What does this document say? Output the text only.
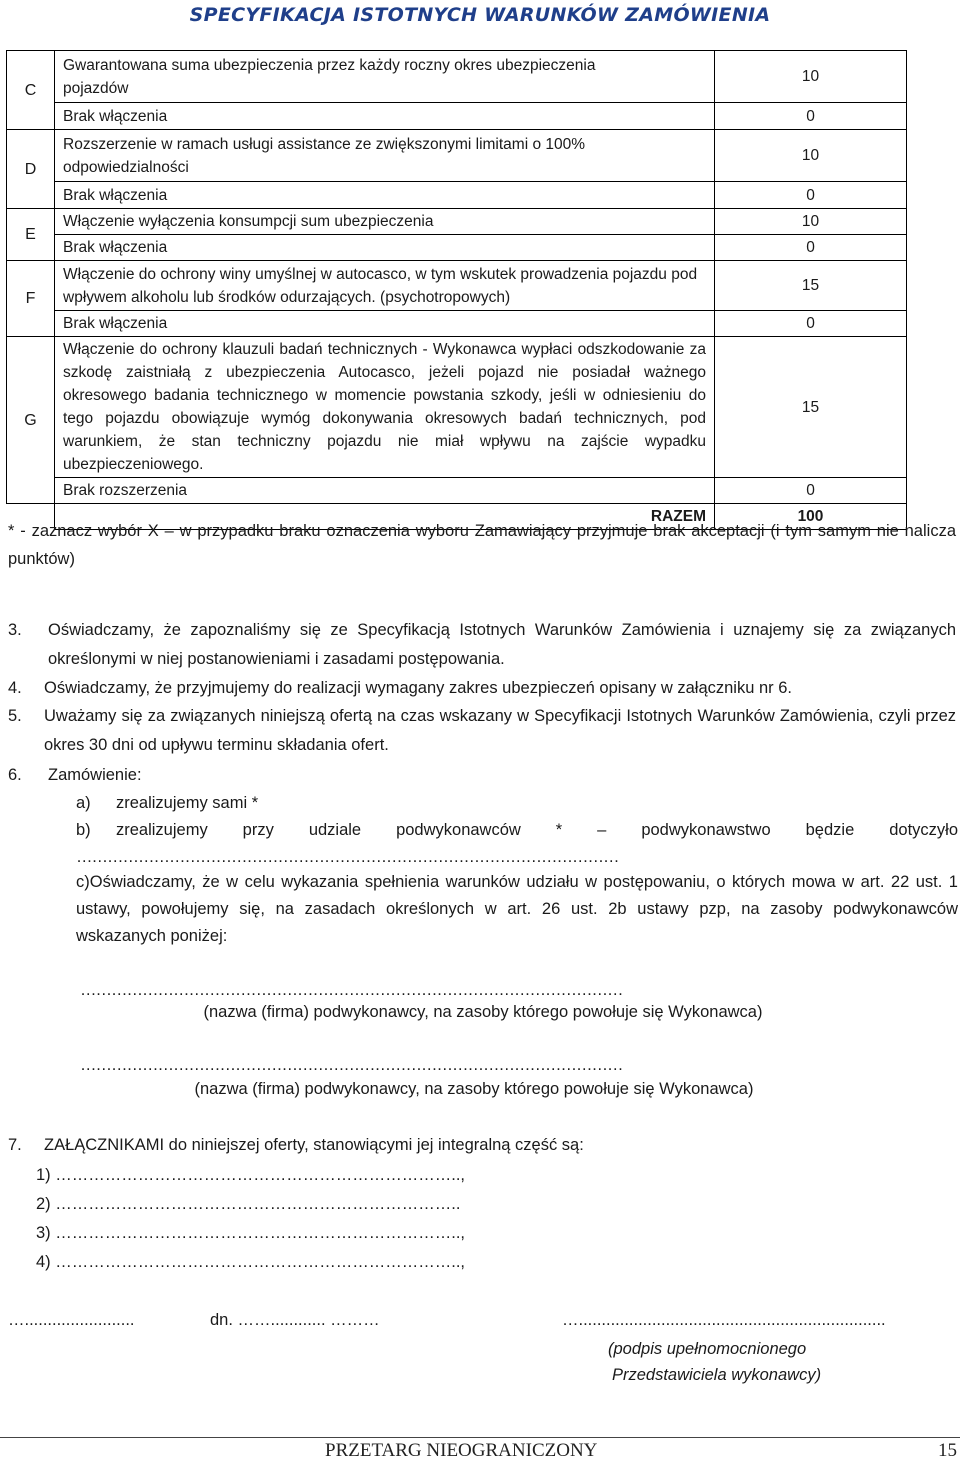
SPECYFIKACJA ISTOTNYCH WARUNKÓW ZAMÓWIENIA
C	Gwarantowana suma ubezpieczenia przez każdy roczny okres ubezpieczenia pojazdów	10
	Brak włączenia	0
D	Rozszerzenie w ramach usługi assistance ze zwiększonymi limitami o 100% odpowiedzialności	10
	Brak włączenia	0
E	Włączenie wyłączenia konsumpcji sum ubezpieczenia	10
	Brak włączenia	0
F	Włączenie do ochrony winy umyślnej w autocasco, w tym wskutek prowadzenia pojazdu pod wpływem alkoholu lub środków odurzających. (psychotropowych)	15
	Brak włączenia	0
G	Włączenie do ochrony klauzuli badań technicznych - Wykonawca wypłaci odszkodowanie za szkodę zaistniałą z ubezpieczenia Autocasco, jeżeli pojazd nie posiadał ważnego okresowego badania technicznego w momencie powstania szkody, jeśli w odniesieniu do tego pojazdu obowiązuje wymóg dokonywania okresowych badań technicznych, pod warunkiem, że stan techniczny pojazdu nie miał wpływu na zajście wypadku ubezpieczeniowego.	15
	Brak rozszerzenia	0
	RAZEM	100
* - zaznacz wybór X – w przypadku braku oznaczenia wyboru Zamawiający przyjmuje brak akceptacji (i tym samym nie nalicza punktów)
3. Oświadczamy, że zapoznaliśmy się ze Specyfikacją Istotnych Warunków Zamówienia i uznajemy się za związanych określonymi w niej postanowieniami i zasadami postępowania.
4. Oświadczamy, że przyjmujemy do realizacji wymagany zakres ubezpieczeń opisany w załączniku nr 6.
5. Uważamy się za związanych niniejszą ofertą na czas wskazany w Specyfikacji Istotnych Warunków Zamówienia, czyli przez okres 30 dni od upływu terminu składania ofert.
6. Zamówienie:
a) zrealizujemy sami *
b) zrealizujemy przy udziale podwykonawców * – podwykonawstwo będzie dotyczyło
……………………………………………………………………………………………
c)Oświadczamy, że w celu wykazania spełnienia warunków udziału w postępowaniu, o których mowa w art. 22 ust. 1 ustawy, powołujemy się, na zasadach określonych w art. 26 ust. 2b ustawy pzp, na zasoby podwykonawców wskazanych poniżej:
……………………………………………………………………………………………
(nazwa (firma) podwykonawcy, na zasoby którego powołuje się Wykonawca)
……………………………………………………………………………………………
(nazwa (firma) podwykonawcy, na zasoby którego powołuje się Wykonawca)
7. ZAŁĄCZNIKAMI do niniejszej oferty, stanowiącymi jej integralną część są:
1) ………………………………………………………………..,
2) ………………………………………………………………..
3) ………………………………………………………………..,
4) ………………………………………………………………..,
…........................	dn. ……............ ………	…...................................................................
(podpis upełnomocnionego
Przedstawiciela wykonawcy)
PRZETARG NIEOGRANICZONY	15
